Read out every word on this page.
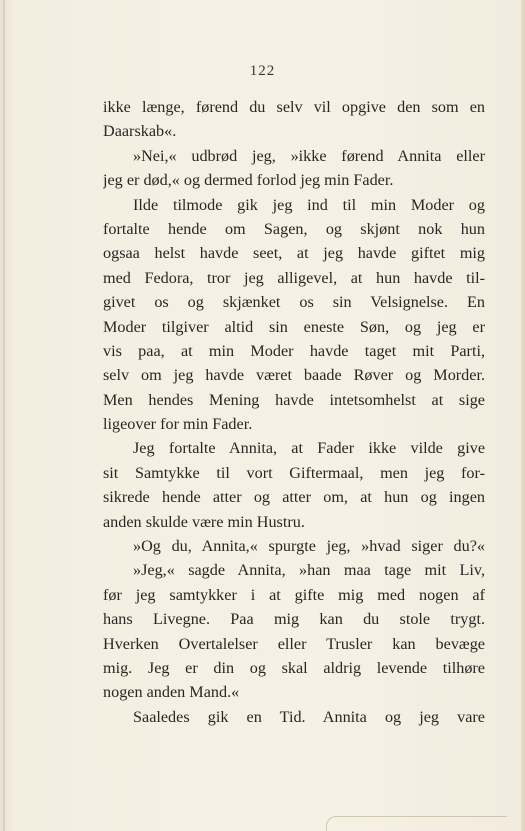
122
ikke længe, førend du selv vil opgive den som en
Daarskab«.
»Nei,« udbrød jeg, »ikke førend Annita eller
jeg er død,« og dermed forlod jeg min Fader.
Ilde tilmode gik jeg ind til min Moder og
fortalte hende om Sagen, og skjønt nok hun
ogsaa helst havde seet, at jeg havde giftet mig
med Fedora, tror jeg alligevel, at hun havde til-
givet os og skjænket os sin Velsignelse. En
Moder tilgiver altid sin eneste Søn, og jeg er
vis paa, at min Moder havde taget mit Parti,
selv om jeg havde været baade Røver og Morder.
Men hendes Mening havde intetsomhelst at sige
ligeover for min Fader.
Jeg fortalte Annita, at Fader ikke vilde give
sit Samtykke til vort Giftermaal, men jeg for-
sikrede hende atter og atter om, at hun og ingen
anden skulde være min Hustru.
»Og du, Annita,« spurgte jeg, »hvad siger du?«
»Jeg,« sagde Annita, »han maa tage mit Liv,
før jeg samtykker i at gifte mig med nogen af
hans Livegne. Paa mig kan du stole trygt.
Hverken Overtalelser eller Trusler kan bevæge
mig. Jeg er din og skal aldrig levende tilhøre
nogen anden Mand.«
Saaledes gik en Tid. Annita og jeg vare
